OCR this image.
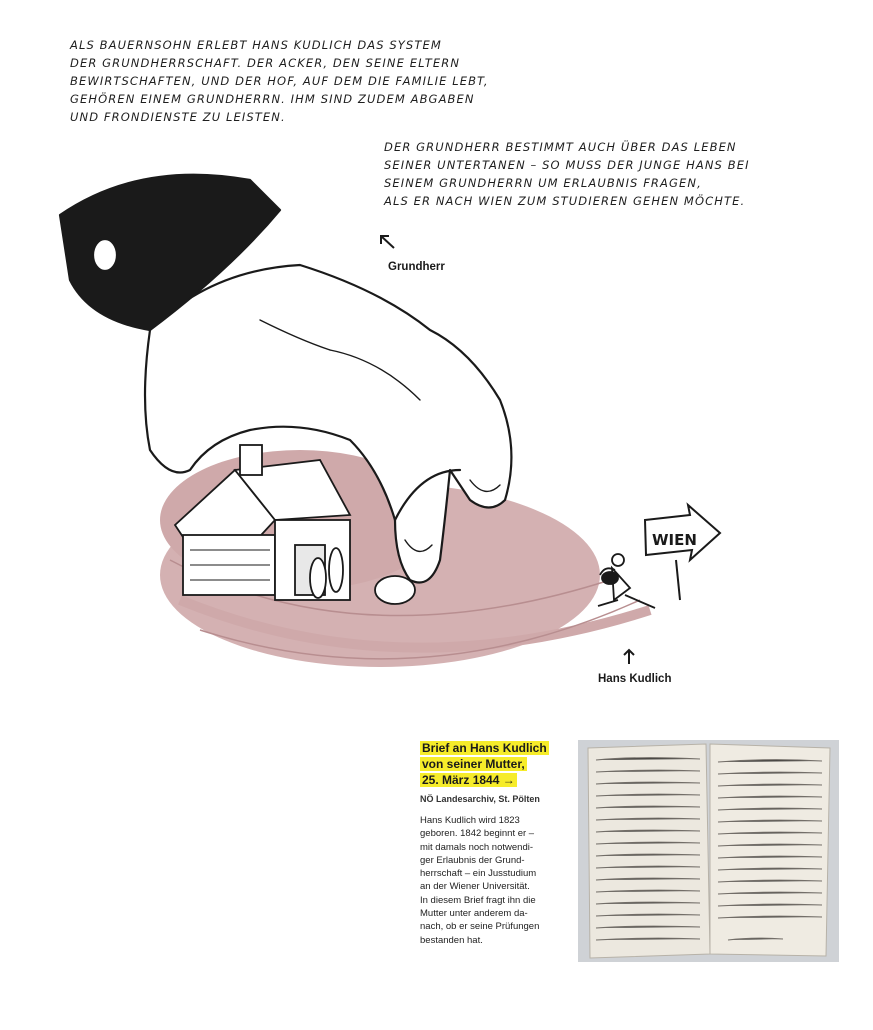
ALS BAUERNSOHN ERLEBT HANS KUDLICH DAS SYSTEM
DER GRUNDHERRSCHAFT. DER ACKER, DEN SEINE ELTERN
BEWIRTSCHAFTEN, UND DER HOF, AUF DEM DIE FAMILIE LEBT,
GEHÖREN EINEM GRUNDHERRN. IHM SIND ZUDEM ABGABEN
UND FRONDIENSTE ZU LEISTEN.

DER GRUNDHERR BESTIMMT AUCH ÜBER DAS LEBEN
SEINER UNTERTANEN – SO MUSS DER JUNGE HANS BEI
SEINEM GRUNDHERRN UM ERLAUBNIS FRAGEN,
ALS ER NACH WIEN ZUM STUDIEREN GEHEN MÖCHTE.

WIEN
Grundherr
Hans Kudlich

Brief an Hans Kudlich
von seiner Mutter,
25. März 1844 →

NÖ Landesarchiv, St. Pölten

Hans Kudlich wird 1823
geboren. 1842 beginnt er –
mit damals noch notwendi-
ger Erlaubnis der Grund-
herrschaft – ein Jusstudium
an der Wiener Universität.
In diesem Brief fragt ihn die
Mutter unter anderem da-
nach, ob er seine Prüfungen
bestanden hat.
